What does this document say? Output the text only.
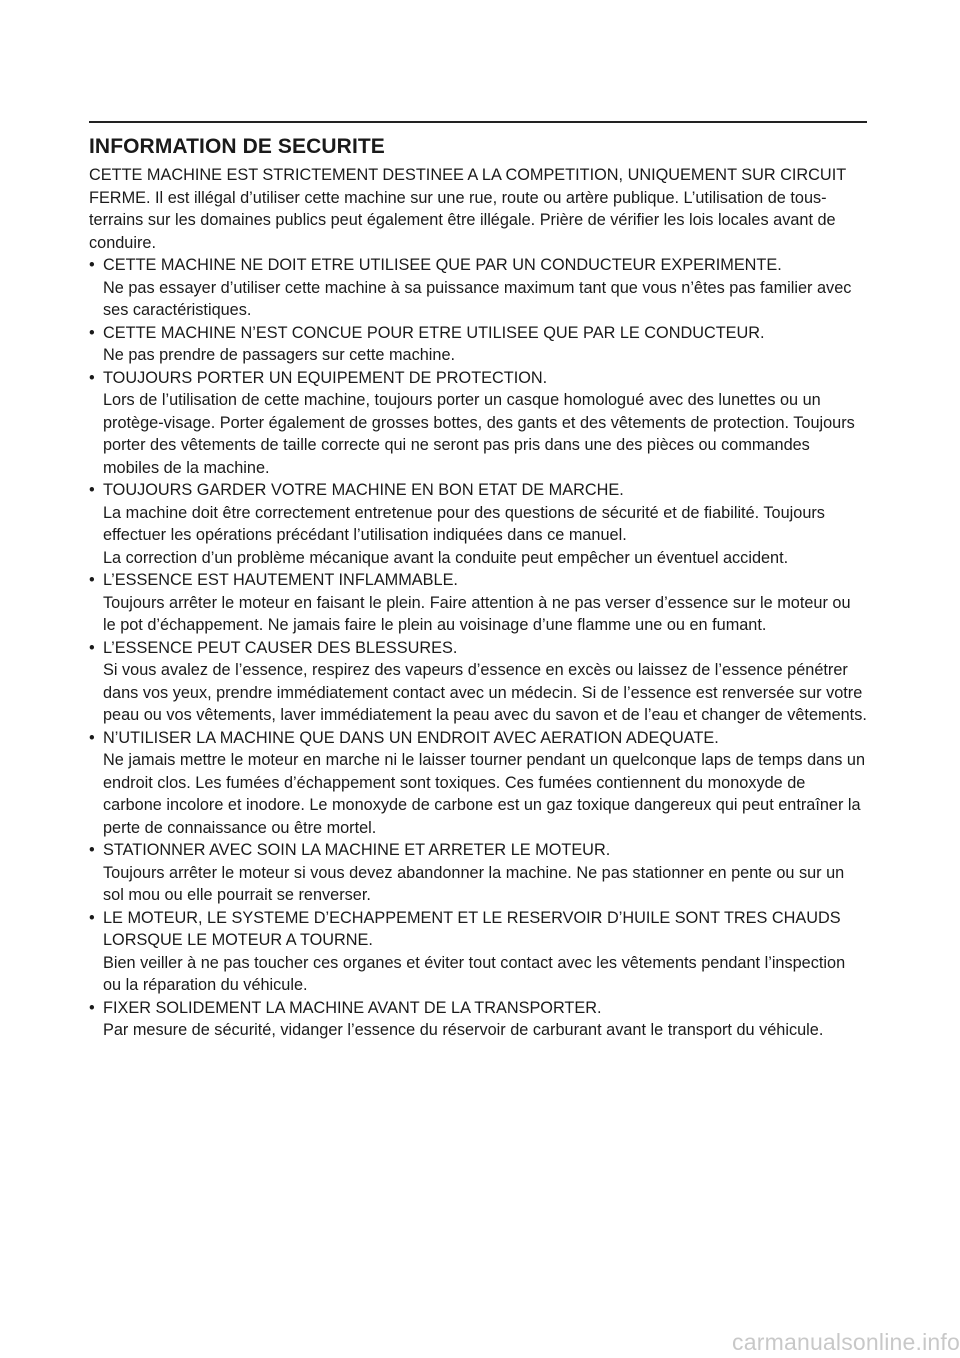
INFORMATION DE SECURITE

CETTE MACHINE EST STRICTEMENT DESTINEE A LA COMPETITION, UNIQUEMENT SUR CIRCUIT FERME. Il est illégal d’utiliser cette machine sur une rue, route ou artère publique. L’utilisation de tous-terrains sur les domaines publics peut également être illégale. Prière de vérifier les lois locales avant de conduire.

• CETTE MACHINE NE DOIT ETRE UTILISEE QUE PAR UN CONDUCTEUR EXPERIMENTE.

Ne pas essayer d’utiliser cette machine à sa puissance maximum tant que vous n’êtes pas familier avec ses caractéristiques.

• CETTE MACHINE N’EST CONCUE POUR ETRE UTILISEE QUE PAR LE CONDUCTEUR.

Ne pas prendre de passagers sur cette machine.

• TOUJOURS PORTER UN EQUIPEMENT DE PROTECTION.

Lors de l’utilisation de cette machine, toujours porter un casque homologué avec des lunettes ou un protège-visage. Porter également de grosses bottes, des gants et des vêtements de protection. Toujours porter des vêtements de taille correcte qui ne seront pas pris dans une des pièces ou commandes mobiles de la machine.

• TOUJOURS GARDER VOTRE MACHINE EN BON ETAT DE MARCHE.

La machine doit être correctement entretenue pour des questions de sécurité et de fiabilité. Toujours effectuer les opérations précédant l’utilisation indiquées dans ce manuel.

La correction d’un problème mécanique avant la conduite peut empêcher un éventuel accident.

• L’ESSENCE EST HAUTEMENT INFLAMMABLE.

Toujours arrêter le moteur en faisant le plein. Faire attention à ne pas verser d’essence sur le moteur ou le pot d’échappement. Ne jamais faire le plein au voisinage d’une flamme une ou en fumant.

• L’ESSENCE PEUT CAUSER DES BLESSURES.

Si vous avalez de l’essence, respirez des vapeurs d’essence en excès ou laissez de l’essence pénétrer dans vos yeux, prendre immédiatement contact avec un médecin. Si de l’essence est renversée sur votre peau ou vos vêtements, laver immédiatement la peau avec du savon et de l’eau et changer de vêtements.

• N’UTILISER LA MACHINE QUE DANS UN ENDROIT AVEC AERATION ADEQUATE.

Ne jamais mettre le moteur en marche ni le laisser tourner pendant un quelconque laps de temps dans un endroit clos. Les fumées d’échappement sont toxiques. Ces fumées contiennent du monoxyde de carbone incolore et inodore. Le monoxyde de carbone est un gaz toxique dangereux qui peut entraîner la perte de connaissance ou être mortel.

• STATIONNER AVEC SOIN LA MACHINE ET ARRETER LE MOTEUR.

Toujours arrêter le moteur si vous devez abandonner la machine. Ne pas stationner en pente ou sur un sol mou ou elle pourrait se renverser.

• LE MOTEUR, LE SYSTEME D’ECHAPPEMENT ET LE RESERVOIR D’HUILE SONT TRES CHAUDS LORSQUE LE MOTEUR A TOURNE.

Bien veiller à ne pas toucher ces organes et éviter tout contact avec les vêtements pendant l’inspection ou la réparation du véhicule.

• FIXER SOLIDEMENT LA MACHINE AVANT DE LA TRANSPORTER.

Par mesure de sécurité, vidanger l’essence du réservoir de carburant avant le transport du véhicule.

carmanualsonline.info
